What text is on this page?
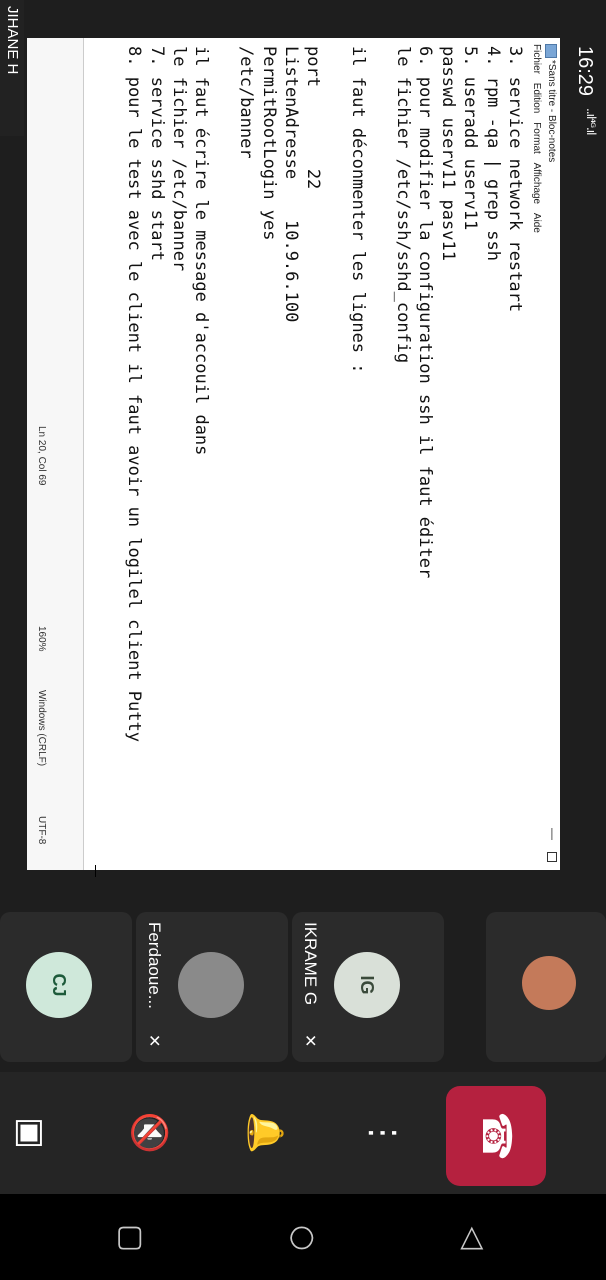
16:29
..ıl⁴ᴳ.ıl
*Sans titre - Bloc-notes
—
Fichier Edition Format Affichage Aide
3. service network restart
4. rpm -qa | grep ssh
5. useradd userv11
passwd userv11 pasv11
6. pour modifier la configuration ssh il faut éditer
le fichier /etc/ssh/sshd_config
il faut déconmenter les lignes :
port        22
ListenAdresse    10.9.6.100
PermitRootLogin yes
/etc/banner
il faut écrire le message d'accouil dans
le fichier /etc/banner
7. service sshd start
8. pour le test avec le client il faut avoir un logilel client Putty
Ln 20, Col 69
160%
Windows (CRLF)
UTF-8
JIHANE H
IG
IKRAME G
✕
Ferdaoue...
✕
CJ
☎
⋮
🔔
🔇
▣
◁
○
▢
